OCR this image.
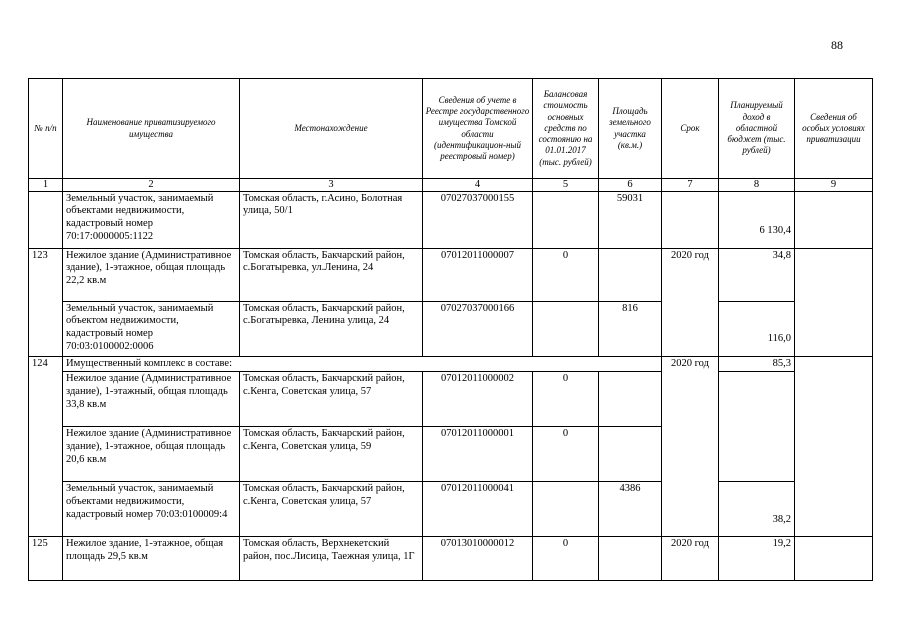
88
№ п/п	Наименование приватизируемого имущества	Местонахождение	Сведения об учете в Реестре государственного имущества Томской области (идентификацион-ный реестровый номер)	Балансовая стоимость основных средств по состоянию на 01.01.2017 (тыс. рублей)	Площадь земельного участка (кв.м.)	Срок	Планируемый доход в областной бюджет (тыс. рублей)	Сведения об особых условиях приватизации
1	2	3	4	5	6	7	8	9
	Земельный участок, занимаемый объектами недвижимости, кадастровый номер 70:17:0000005:1122	Томская область, г.Асино, Болотная улица, 50/1	07027037000155		59031		6 130,4	
123	Нежилое здание (Административное здание), 1-этажное, общая площадь 22,2 кв.м	Томская область, Бакчарский район, с.Богатыревка, ул.Ленина, 24	07012011000007	0		2020 год	34,8	
	Земельный участок, занимаемый объектом недвижимости, кадастровый номер 70:03:0100002:0006	Томская область, Бакчарский район, с.Богатыревка, Ленина улица, 24	07027037000166		816		116,0	
124	Имущественный комплекс в составе:					2020 год	85,3	
	Нежилое здание (Административное здание), 1-этажный, общая площадь 33,8 кв.м	Томская область, Бакчарский район, с.Кенга, Советская улица, 57	07012011000002	0				
	Нежилое здание (Административное здание), 1-этажное, общая площадь 20,6 кв.м	Томская область, Бакчарский район, с.Кенга, Советская улица, 59	07012011000001	0				
	Земельный участок, занимаемый объектами недвижимости, кадастровый номер 70:03:0100009:4	Томская область, Бакчарский район, с.Кенга, Советская улица, 57	07012011000041		4386		38,2	
125	Нежилое здание, 1-этажное, общая площадь 29,5 кв.м	Томская область, Верхнекетский район, пос.Лисица, Таежная улица, 1Г	07013010000012	0		2020 год	19,2	
